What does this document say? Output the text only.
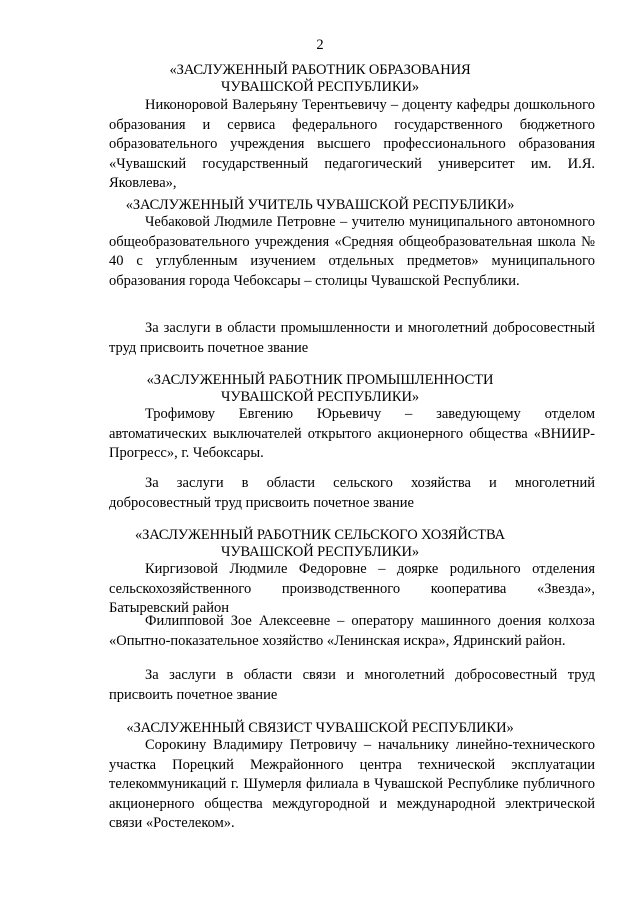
2
«ЗАСЛУЖЕННЫЙ РАБОТНИК ОБРАЗОВАНИЯ
ЧУВАШСКОЙ РЕСПУБЛИКИ»

Никоноровой Валерьяну Терентьевичу – доценту кафедры дошкольного образования и сервиса федерального государственного бюджетного образовательного учреждения высшего профессионального образования «Чувашский государственный педагогический университет им. И.Я. Яковлева»,

«ЗАСЛУЖЕННЫЙ УЧИТЕЛЬ ЧУВАШСКОЙ РЕСПУБЛИКИ»

Чебаковой Людмиле Петровне – учителю муниципального автономного общеобразовательного учреждения «Средняя общеобразовательная школа № 40 с углубленным изучением отдельных предметов» муниципального образования города Чебоксары – столицы Чувашской Республики.

За заслуги в области промышленности и многолетний добросовестный труд присвоить почетное звание

«ЗАСЛУЖЕННЫЙ РАБОТНИК ПРОМЫШЛЕННОСТИ
ЧУВАШСКОЙ РЕСПУБЛИКИ»

Трофимову Евгению Юрьевичу – заведующему отделом автоматических выключателей открытого акционерного общества «ВНИИР-Прогресс», г. Чебоксары.

За заслуги в области сельского хозяйства и многолетний добросовестный труд присвоить почетное звание

«ЗАСЛУЖЕННЫЙ РАБОТНИК СЕЛЬСКОГО ХОЗЯЙСТВА
ЧУВАШСКОЙ РЕСПУБЛИКИ»

Киргизовой Людмиле Федоровне – доярке родильного отделения сельскохозяйственного производственного кооператива «Звезда», Батыревский район

Филипповой Зое Алексеевне – оператору машинного доения колхоза «Опытно-показательное хозяйство «Ленинская искра», Ядринский район.

За заслуги в области связи и многолетний добросовестный труд присвоить почетное звание

«ЗАСЛУЖЕННЫЙ СВЯЗИСТ ЧУВАШСКОЙ РЕСПУБЛИКИ»

Сорокину Владимиру Петровичу – начальнику линейно-технического участка Порецкий Межрайонного центра технической эксплуатации телекоммуникаций г. Шумерля филиала в Чувашской Республике публичного акционерного общества междугородной и международной электрической связи «Ростелеком».
